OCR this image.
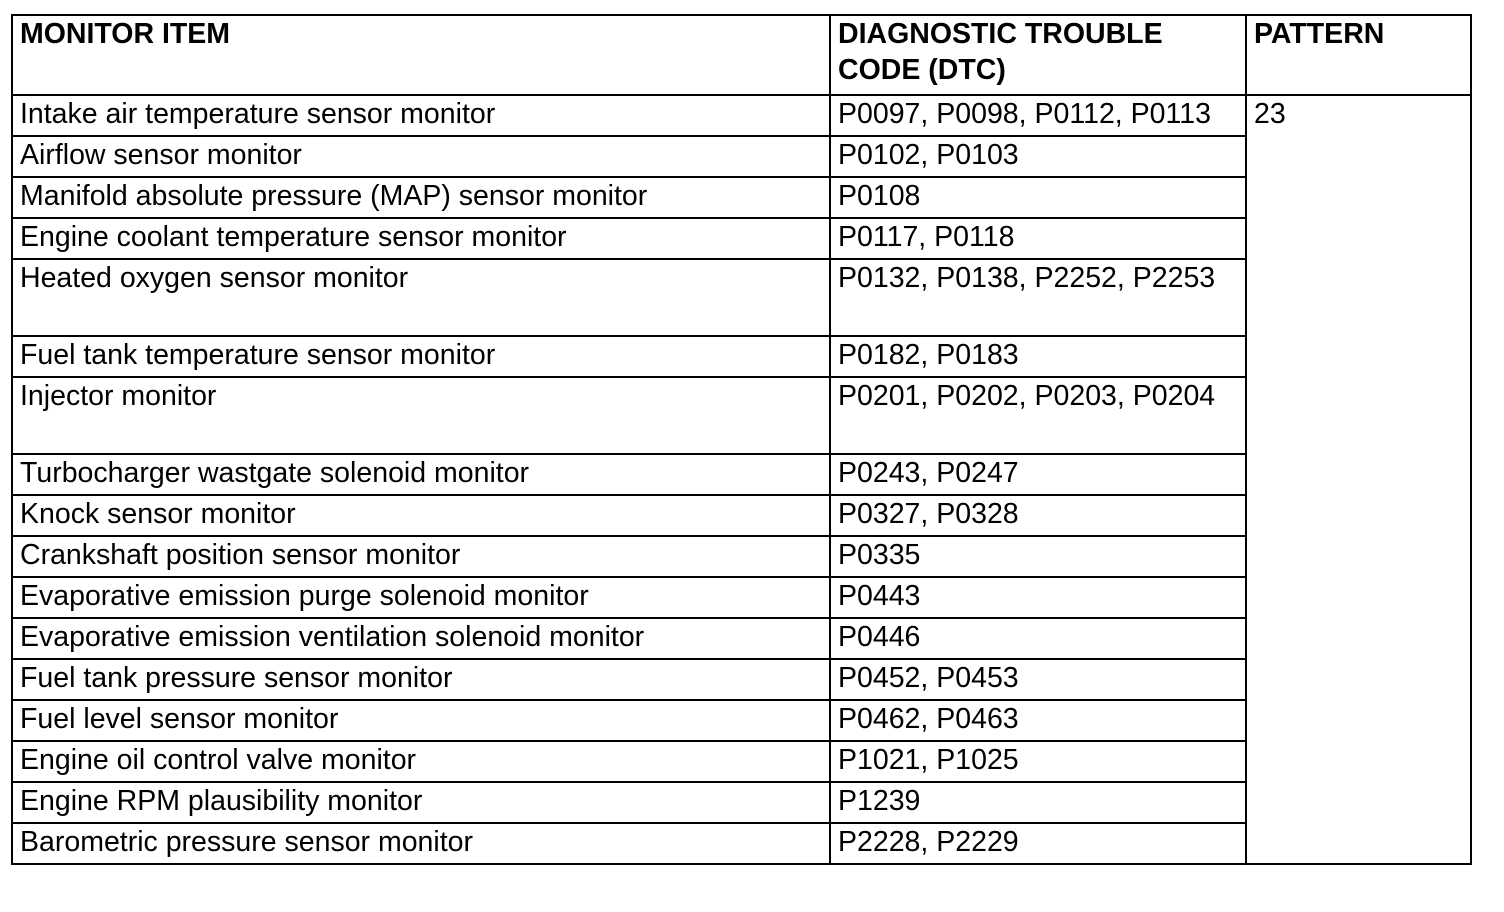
MONITOR ITEM	DIAGNOSTIC TROUBLE CODE (DTC)	PATTERN
Intake air temperature sensor monitor	P0097, P0098, P0112, P0113	23
Airflow sensor monitor	P0102, P0103	
Manifold absolute pressure (MAP) sensor monitor	P0108	
Engine coolant temperature sensor monitor	P0117, P0118	
Heated oxygen sensor monitor	P0132, P0138, P2252, P2253	
Fuel tank temperature sensor monitor	P0182, P0183	
Injector monitor	P0201, P0202, P0203, P0204	
Turbocharger wastgate solenoid monitor	P0243, P0247	
Knock sensor monitor	P0327, P0328	
Crankshaft position sensor monitor	P0335	
Evaporative emission purge solenoid monitor	P0443	
Evaporative emission ventilation solenoid monitor	P0446	
Fuel tank pressure sensor monitor	P0452, P0453	
Fuel level sensor monitor	P0462, P0463	
Engine oil control valve monitor	P1021, P1025	
Engine RPM plausibility monitor	P1239	
Barometric pressure sensor monitor	P2228, P2229	
